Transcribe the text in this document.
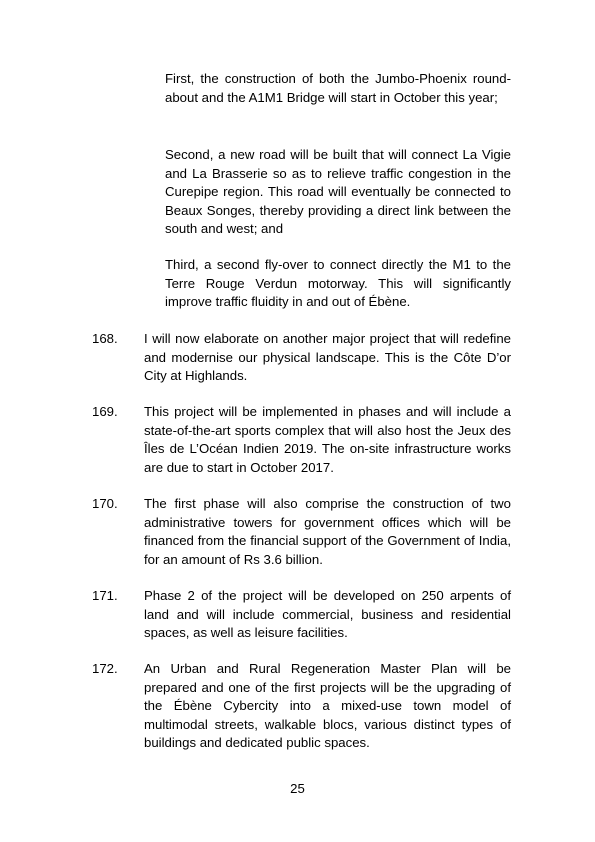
First, the construction of both the Jumbo-Phoenix round-about and the A1M1 Bridge will start in October this year;
Second, a new road will be built that will connect La Vigie and La Brasserie so as to relieve traffic congestion in the Curepipe region. This road will eventually be connected to Beaux Songes, thereby providing a direct link between the south and west; and
Third, a second fly-over to connect directly the M1 to the Terre Rouge Verdun motorway. This will significantly improve traffic fluidity in and out of Ébène.
168. I will now elaborate on another major project that will redefine and modernise our physical landscape. This is the Côte D’or City at Highlands.
169. This project will be implemented in phases and will include a state-of-the-art sports complex that will also host the Jeux des Îles de L’Océan Indien 2019. The on-site infrastructure works are due to start in October 2017.
170. The first phase will also comprise the construction of two administrative towers for government offices which will be financed from the financial support of the Government of India, for an amount of Rs 3.6 billion.
171. Phase 2 of the project will be developed on 250 arpents of land and will include commercial, business and residential spaces, as well as leisure facilities.
172. An Urban and Rural Regeneration Master Plan will be prepared and one of the first projects will be the upgrading of the Ébène Cybercity into a mixed-use town model of multimodal streets, walkable blocs, various distinct types of buildings and dedicated public spaces.
25
